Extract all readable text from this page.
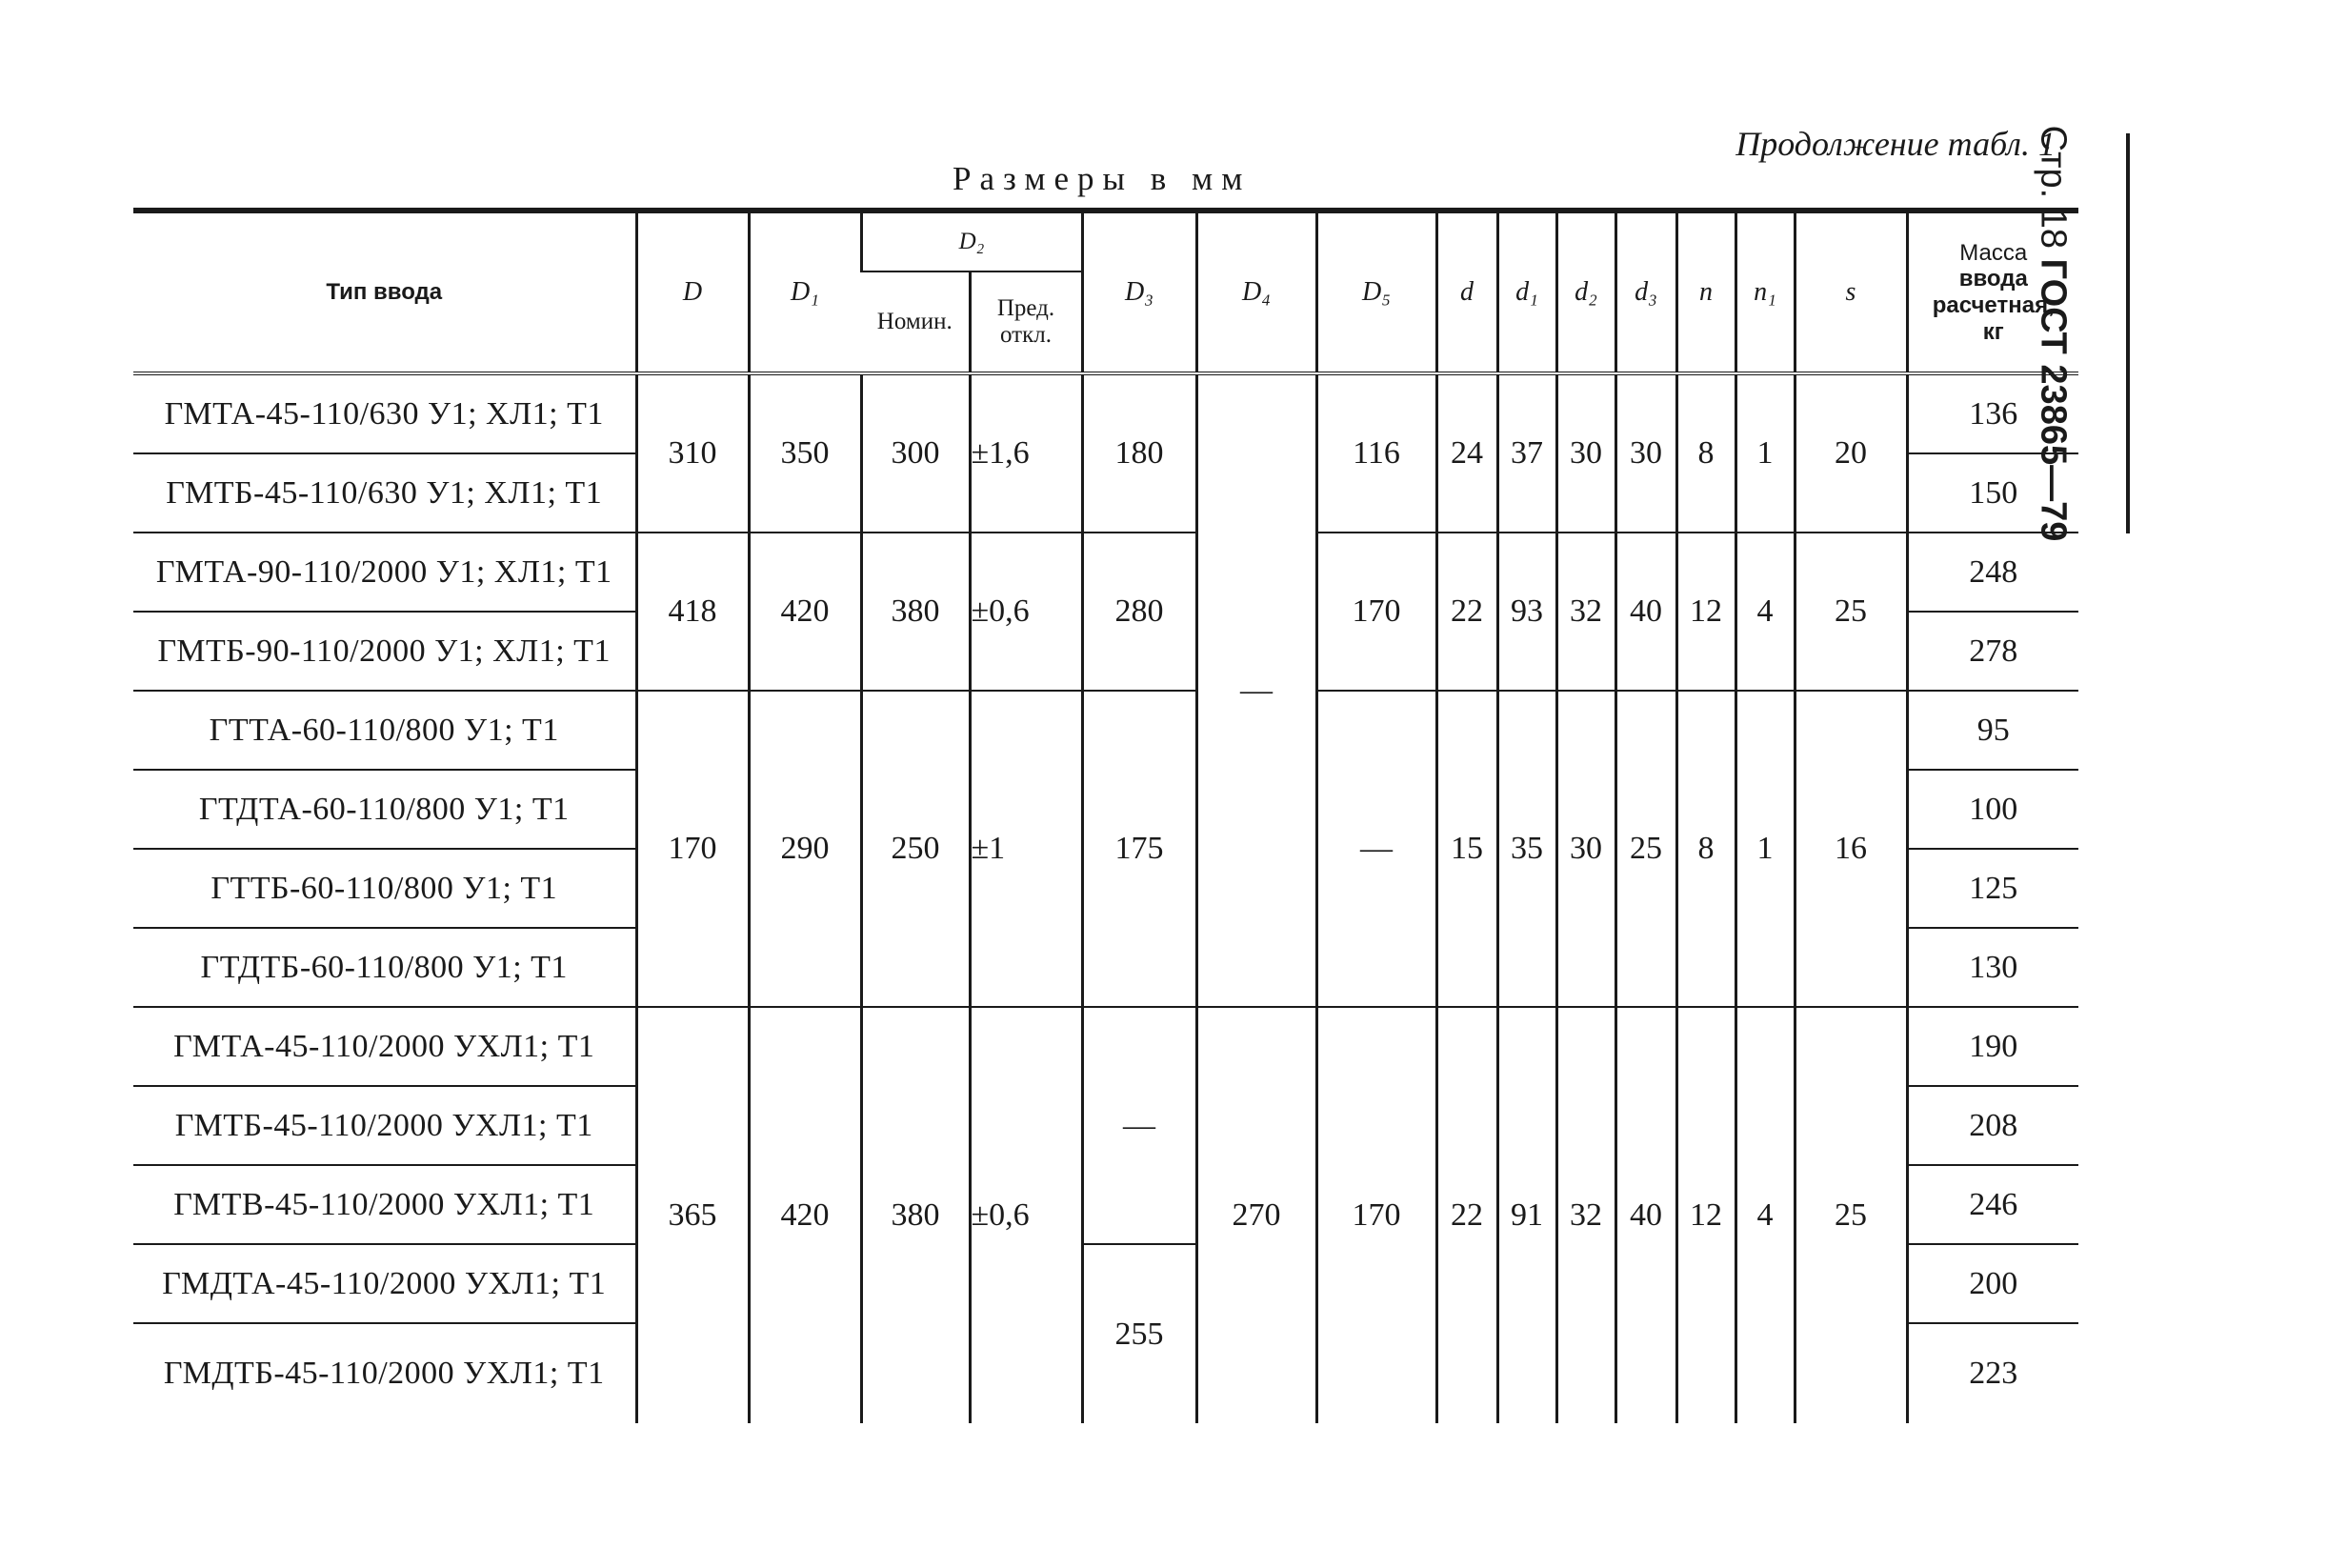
Продолжение табл. 1
Размеры в мм	Стр. 18 ГОСТ 23865—79
Тип ввода	D	D₁	D₂		D₃	D₄	D₅	d	d₁	d₂	d₃	n	n₁	s	Масса
ввода
расчетная,
кг
			Номин.	Пред.
откл.											
ГМТА-45-110/630 У1; ХЛ1; Т1	310	350	300	±1,6	180	—	116	24	37	30	30	8	1	20	136
ГМТБ-45-110/630 У1; ХЛ1; Т1															150
ГМТА-90-110/2000 У1; ХЛ1; Т1	418	420	380	±0,6	280		170	22	93	32	40	12	4	25	248
ГМТБ-90-110/2000 У1; ХЛ1; Т1															278
ГТТА-60-110/800 У1; Т1	170	290	250	±1	175		—	15	35	30	25	8	1	16	95
ГТДТА-60-110/800 У1; Т1															100
ГТТБ-60-110/800 У1; Т1															125
ГТДТБ-60-110/800 У1; Т1															130
ГМТА-45-110/2000 УХЛ1; Т1	365	420	380	±0,6	—	270	170	22	91	32	40	12	4	25	190
ГМТБ-45-110/2000 УХЛ1; Т1															208
ГМТВ-45-110/2000 УХЛ1; Т1															246
ГМДТА-45-110/2000 УХЛ1; Т1					255										200
ГМДТБ-45-110/2000 УХЛ1; Т1															223
